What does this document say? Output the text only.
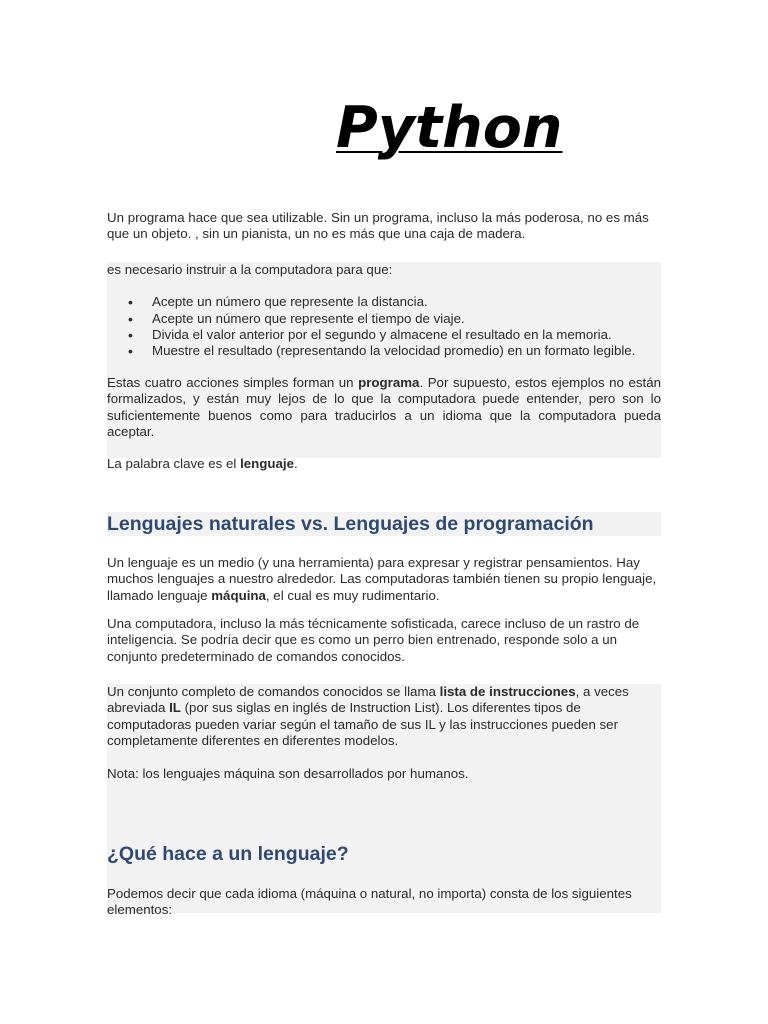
Python

Un programa hace que sea utilizable. Sin un programa, incluso la más poderosa, no es más que un objeto. , sin un pianista, un no es más que una caja de madera.

es necesario instruir a la computadora para que:

• Acepte un número que represente la distancia.
• Acepte un número que represente el tiempo de viaje.
• Divida el valor anterior por el segundo y almacene el resultado en la memoria.
• Muestre el resultado (representando la velocidad promedio) en un formato legible.

Estas cuatro acciones simples forman un programa. Por supuesto, estos ejemplos no están formalizados, y están muy lejos de lo que la computadora puede entender, pero son lo suficientemente buenos como para traducirlos a un idioma que la computadora pueda aceptar.

La palabra clave es el lenguaje.

Lenguajes naturales vs. Lenguajes de programación

Un lenguaje es un medio (y una herramienta) para expresar y registrar pensamientos. Hay muchos lenguajes a nuestro alrededor. Las computadoras también tienen su propio lenguaje, llamado lenguaje máquina, el cual es muy rudimentario.

Una computadora, incluso la más técnicamente sofisticada, carece incluso de un rastro de inteligencia. Se podría decir que es como un perro bien entrenado, responde solo a un conjunto predeterminado de comandos conocidos.

Un conjunto completo de comandos conocidos se llama lista de instrucciones, a veces abreviada IL (por sus siglas en inglés de Instruction List). Los diferentes tipos de computadoras pueden variar según el tamaño de sus IL y las instrucciones pueden ser completamente diferentes en diferentes modelos.

Nota: los lenguajes máquina son desarrollados por humanos.

¿Qué hace a un lenguaje?

Podemos decir que cada idioma (máquina o natural, no importa) consta de los siguientes elementos:
